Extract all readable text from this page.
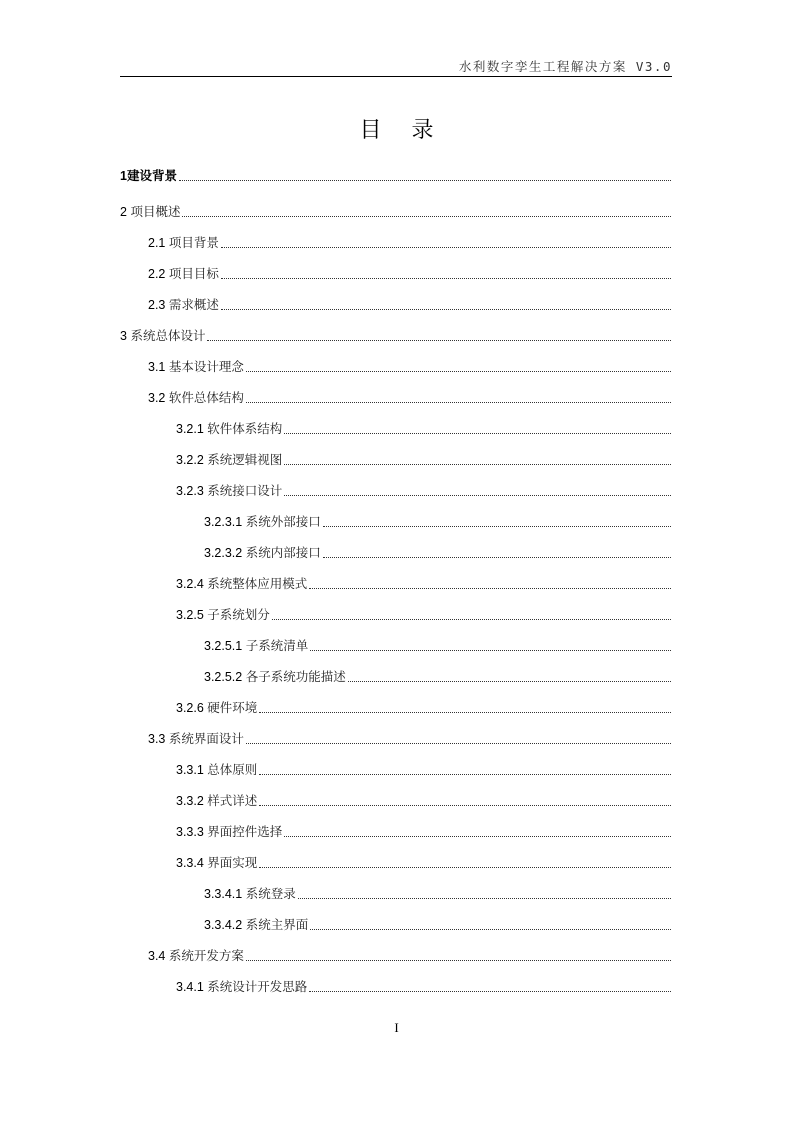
水利数字孪生工程解决方案 V3.0
目 录
1 建设背景
2 项目概述
2.1 项目背景
2.2 项目目标
2.3 需求概述
3 系统总体设计
3.1 基本设计理念
3.2 软件总体结构
3.2.1 软件体系结构
3.2.2 系统逻辑视图
3.2.3 系统接口设计
3.2.3.1 系统外部接口
3.2.3.2 系统内部接口
3.2.4 系统整体应用模式
3.2.5 子系统划分
3.2.5.1 子系统清单
3.2.5.2 各子系统功能描述
3.2.6 硬件环境
3.3 系统界面设计
3.3.1 总体原则
3.3.2 样式详述
3.3.3 界面控件选择
3.3.4 界面实现
3.3.4.1 系统登录
3.3.4.2 系统主界面
3.4 系统开发方案
3.4.1 系统设计开发思路
I
